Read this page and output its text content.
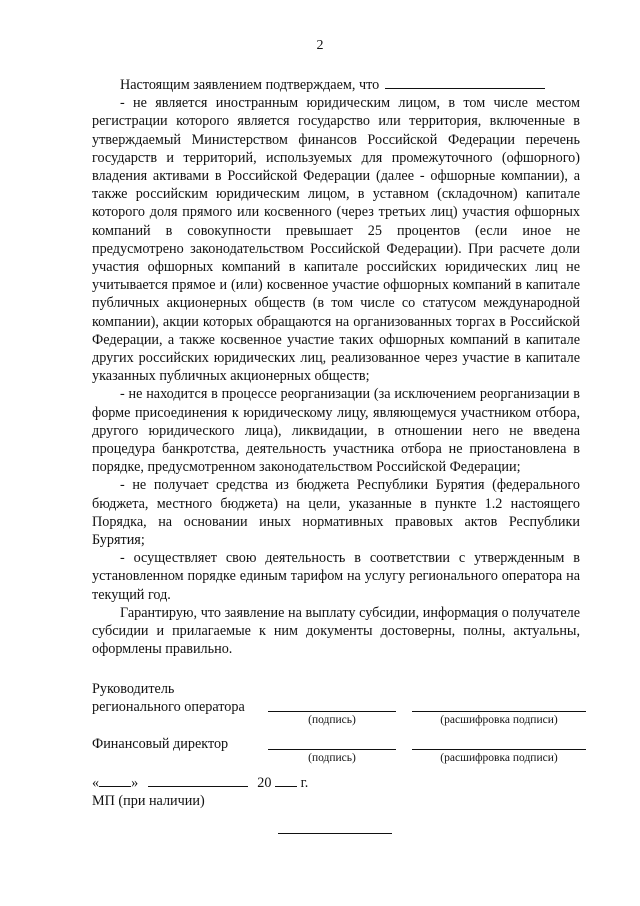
2
Настоящим заявлением подтверждаем, что

- не является иностранным юридическим лицом, в том числе местом регистрации которого является государство или территория, включенные в утверждаемый Министерством финансов Российской Федерации перечень государств и территорий, используемых для промежуточного (офшорного) владения активами в Российской Федерации (далее - офшорные компании), а также российским юридическим лицом, в уставном (складочном) капитале которого доля прямого или косвенного (через третьих лиц) участия офшорных компаний в совокупности превышает 25 процентов (если иное не предусмотрено законодательством Российской Федерации). При расчете доли участия офшорных компаний в капитале российских юридических лиц не учитывается прямое и (или) косвенное участие офшорных компаний в капитале публичных акционерных обществ (в том числе со статусом международной компании), акции которых обращаются на организованных торгах в Российской Федерации, а также косвенное участие таких офшорных компаний в капитале других российских юридических лиц, реализованное через участие в капитале указанных публичных акционерных обществ;

- не находится в процессе реорганизации (за исключением реорганизации в форме присоединения к юридическому лицу, являющемуся участником отбора, другого юридического лица), ликвидации, в отношении него не введена процедура банкротства, деятельность участника отбора не приостановлена в порядке, предусмотренном законодательством Российской Федерации;

- не получает средства из бюджета Республики Бурятия (федерального бюджета, местного бюджета) на цели, указанные в пункте 1.2 настоящего Порядка, на основании иных нормативных правовых актов Республики Бурятия;

- осуществляет свою деятельность в соответствии с утвержденным в установленном порядке единым тарифом на услугу регионального оператора на текущий год.

Гарантирую, что заявление на выплату субсидии, информация о получателе субсидии и прилагаемые к ним документы достоверны, полны, актуальны, оформлены правильно.

Руководитель
регионального оператора
(подпись)	(расшифровка подписи)
Финансовый директор
(подпись)	(расшифровка подписи)
« »	20 г.
МП (при наличии)
